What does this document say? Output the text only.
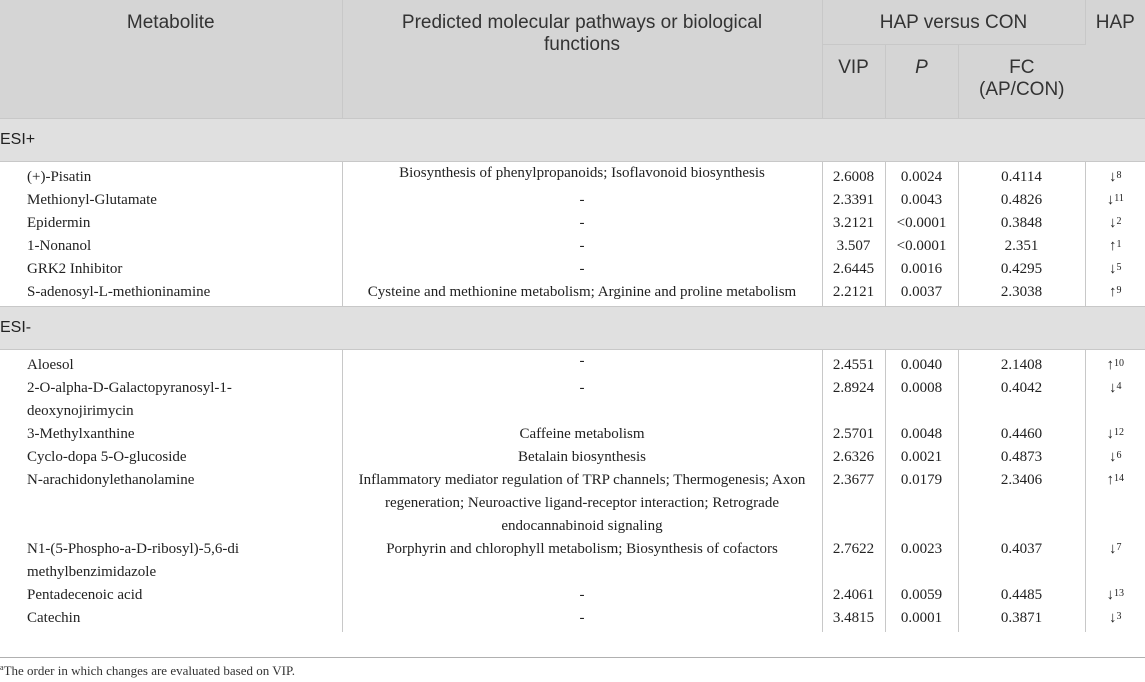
Metabolite	Predicted molecular pathways or biological functions	HAP versus CON			HAP
		VIP	P	FC (AP/CON)	
ESI+					
(+)-Pisatin	Biosynthesis of phenylpropanoids; Isoflavonoid biosynthesis	2.6008	0.0024	0.4114	↓$^8$
Methionyl-Glutamate	-	2.3391	0.0043	0.4826	↓$^{11}$
Epidermin	-	3.2121	<0.0001	0.3848	↓$^2$
1-Nonanol	-	3.507	<0.0001	2.351	↑$^1$
GRK2 Inhibitor	-	2.6445	0.0016	0.4295	↓$^5$
S-adenosyl-L-methioninamine	Cysteine and methionine metabolism; Arginine and proline metabolism	2.2121	0.0037	2.3038	↑$^9$
ESI-					
Aloesol	-	2.4551	0.0040	2.1408	↑$^{10}$
2-O-alpha-D-Galactopyranosyl-1-deoxynojirimycin	-	2.8924	0.0008	0.4042	↓$^4$
3-Methylxanthine	Caffeine metabolism	2.5701	0.0048	0.4460	↓$^{12}$
Cyclo-dopa 5-O-glucoside	Betalain biosynthesis	2.6326	0.0021	0.4873	↓$^6$
N-arachidonylethanolamine	Inflammatory mediator regulation of TRP channels; Thermogenesis; Axon regeneration; Neuroactive ligand-receptor interaction; Retrograde endocannabinoid signaling	2.3677	0.0179	2.3406	↑$^{14}$
N1-(5-Phospho-a-D-ribosyl)-5,6-di methylbenzimidazole	Porphyrin and chlorophyll metabolism; Biosynthesis of cofactors	2.7622	0.0023	0.4037	↓$^7$
Pentadecenoic acid	-	2.4061	0.0059	0.4485	↓$^{13}$
Catechin	-	3.4815	0.0001	0.3871	↓$^3$
$^a$The order in which changes are evaluated based on VIP.
